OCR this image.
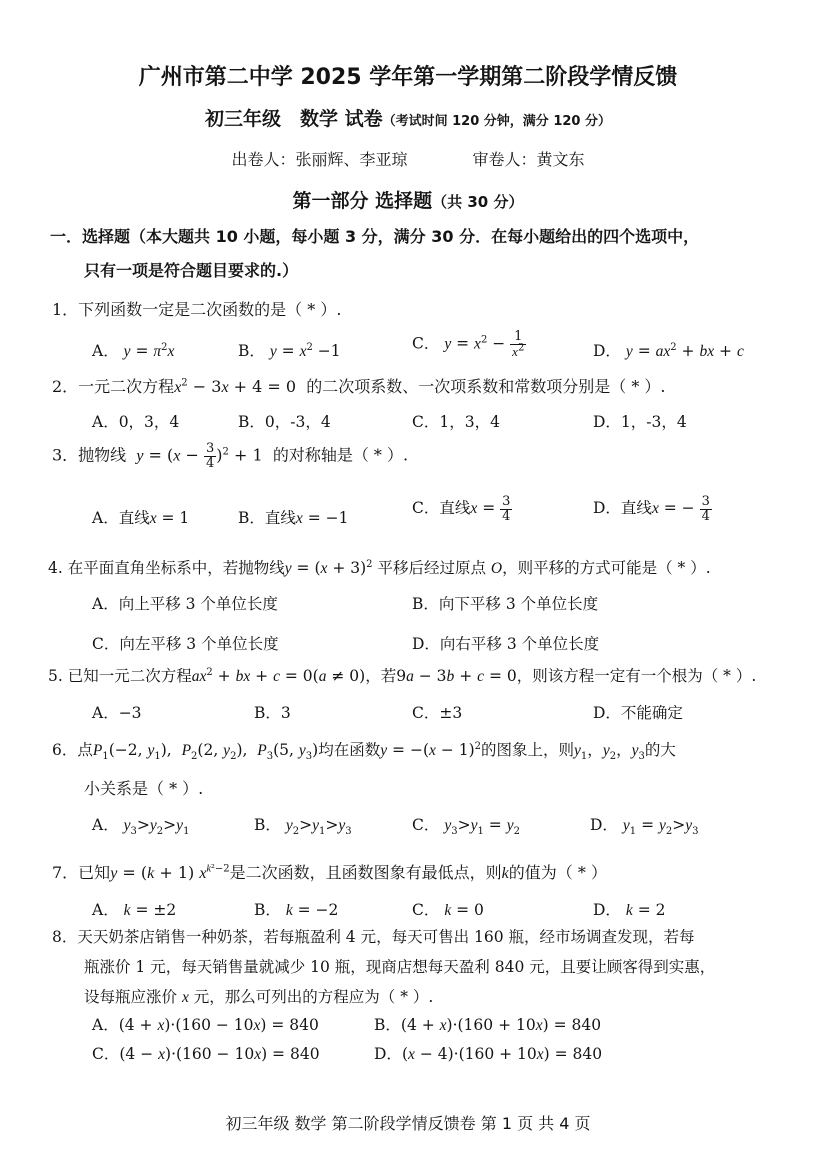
广州市第二中学 2025 学年第一学期第二阶段学情反馈
初三年级　数学 试卷（考试时间 120 分钟，满分 120 分）
出卷人：张丽辉、李亚琼	审卷人：黄文东
第一部分 选择题（共 30 分）
一．选择题（本大题共 10 小题，每小题 3 分，满分 30 分．在每小题给出的四个选项中，
只有一项是符合题目要求的.）
1．下列函数一定是二次函数的是（ * ）.
A． $y = \pi^2x$	B． $y = x^2 -1$	C． $y = x^2 - \frac{1}{x^2}$	D． $y = ax^2$ + bx + c
2．一元二次方程$x^2 - 3x + 4 = 0$  的二次项系数、一次项系数和常数项分别是（ * ）.
A．0，3，4	B．0，-3，4	C．1，3，4	D．1，-3，4
3．抛物线 $y = (x - \frac{3}{4} )^2 + 1$  的对称轴是（ * ）.
A．直线x = 1	B．直线x = −1
C．直线$x = \frac{3}{4}$	D．直线x = − $\frac{3}{4}$
4. 在平面直角坐标系中，若抛物线$y = (x + 3)^2$ 平移后经过原点 O，则平移的方式可能是（ * ）.
A．向上平移 3 个单位长度	B．向下平移 3 个单位长度
C．向左平移 3 个单位长度	D．向右平移 3 个单位长度
5. 已知一元二次方程$ax^2$ + bx + c = 0(a ≠ 0)，若9a − 3b + c = 0，则该方程一定有一个根为（ * ）.
A．−3	B．3	C．±3	D．不能确定
6．点$P_1(-2$, $y_1$),  $P_2(2$, $y_2$),  $P_3(5$, $y_3$)均在函数$y = -(x - 1)^2$的图象上，则$y_1$，$y_2$，$y_3$的大
小关系是（ * ）.
A． $y_3>y_2>y_1$	B． $y_2>y_1>y_3$	C． $y_3>y_1 = y_2$	D． $y_1 = y_2>y_3$
7．已知y = (k + 1) $x^{k^2-2}$是二次函数，且函数图象有最低点，则k的值为（ * ）
A． k = ±2	B． k = −2	C． k = 0	D． k = 2
8．天天奶茶店销售一种奶茶，若每瓶盈利 4 元，每天可售出 160 瓶，经市场调查发现，若每
瓶涨价 1 元，每天销售量就减少 10 瓶，现商店想每天盈利 840 元，且要让顾客得到实惠，
设每瓶应涨价 x 元，那么可列出的方程应为（ * ）.
A．(4 + x)·(160 − 10x) = 840	B．(4 + x)·(160 + 10x) = 840
C．(4 − x)·(160 − 10x) = 840	D．(x − 4)·(160 + 10x) = 840
初三年级 数学 第二阶段学情反馈卷 第 1 页 共 4 页
